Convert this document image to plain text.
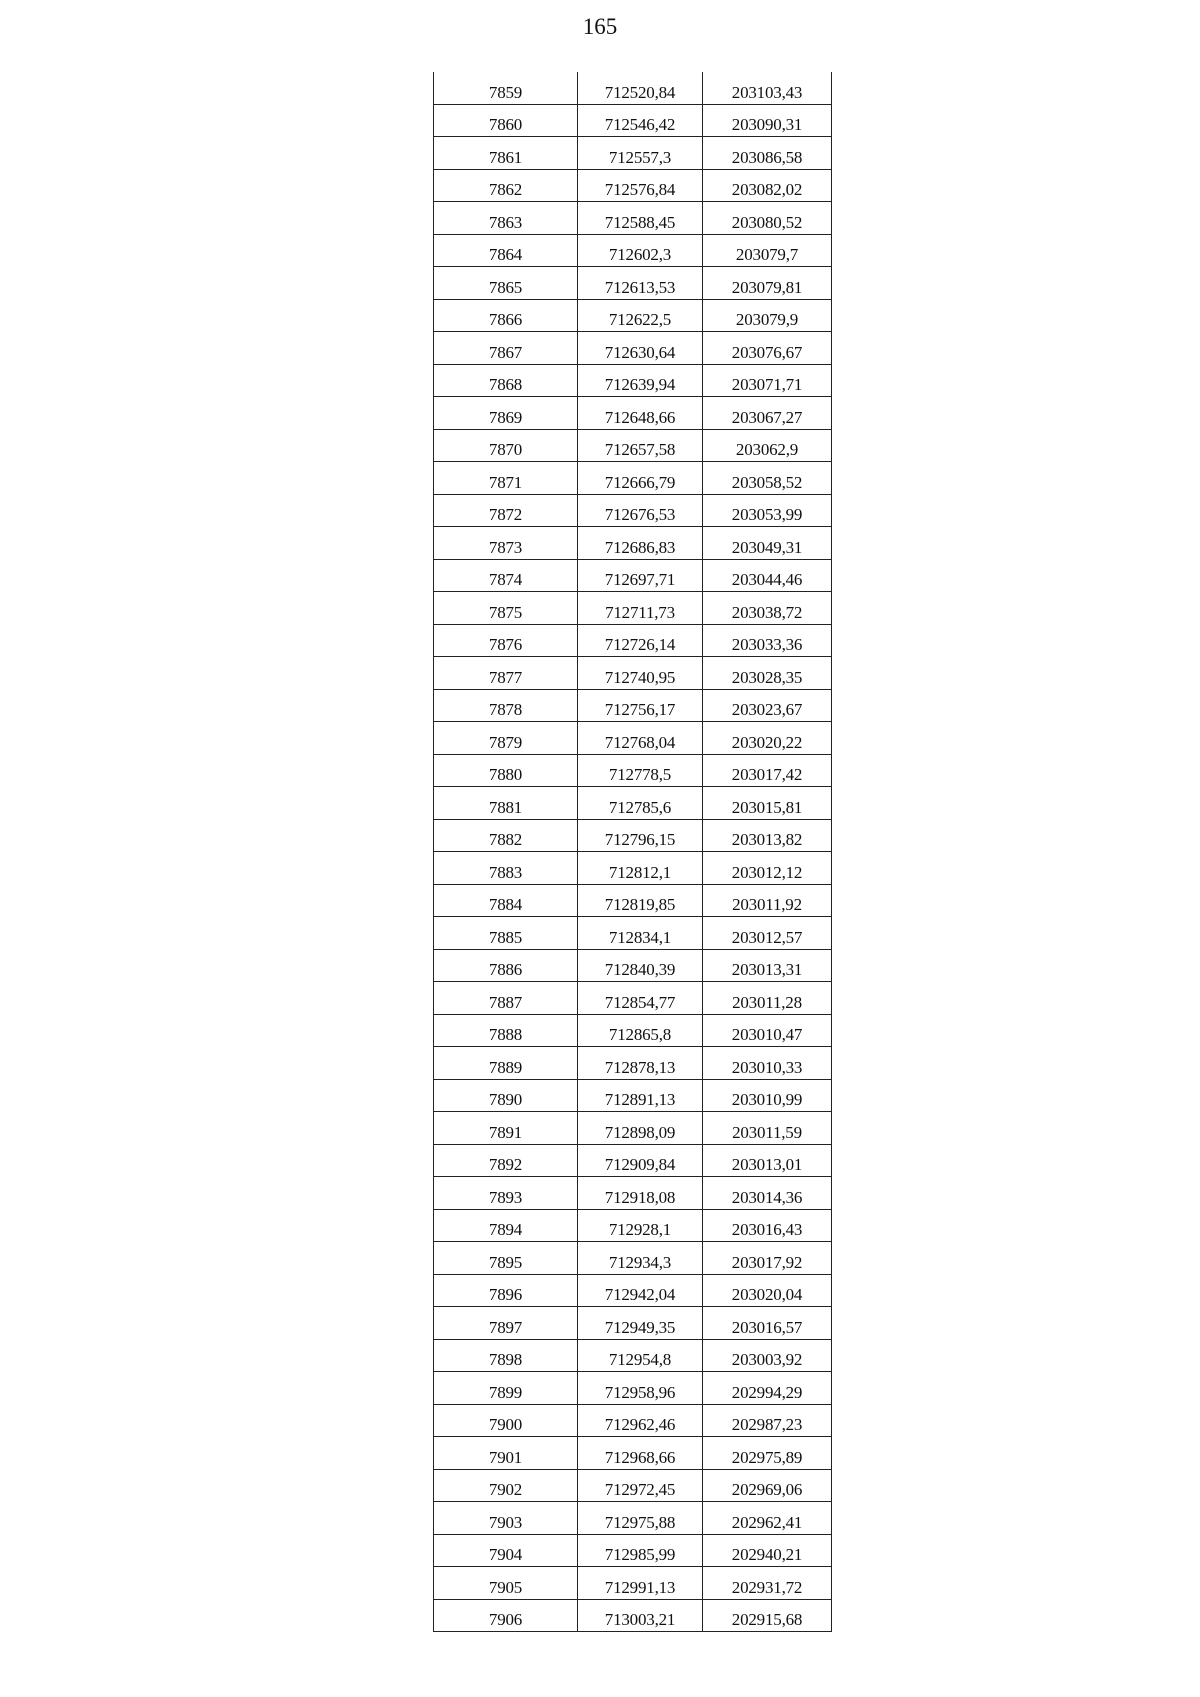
165
7859	712520,84	203103,43
7860	712546,42	203090,31
7861	712557,3	203086,58
7862	712576,84	203082,02
7863	712588,45	203080,52
7864	712602,3	203079,7
7865	712613,53	203079,81
7866	712622,5	203079,9
7867	712630,64	203076,67
7868	712639,94	203071,71
7869	712648,66	203067,27
7870	712657,58	203062,9
7871	712666,79	203058,52
7872	712676,53	203053,99
7873	712686,83	203049,31
7874	712697,71	203044,46
7875	712711,73	203038,72
7876	712726,14	203033,36
7877	712740,95	203028,35
7878	712756,17	203023,67
7879	712768,04	203020,22
7880	712778,5	203017,42
7881	712785,6	203015,81
7882	712796,15	203013,82
7883	712812,1	203012,12
7884	712819,85	203011,92
7885	712834,1	203012,57
7886	712840,39	203013,31
7887	712854,77	203011,28
7888	712865,8	203010,47
7889	712878,13	203010,33
7890	712891,13	203010,99
7891	712898,09	203011,59
7892	712909,84	203013,01
7893	712918,08	203014,36
7894	712928,1	203016,43
7895	712934,3	203017,92
7896	712942,04	203020,04
7897	712949,35	203016,57
7898	712954,8	203003,92
7899	712958,96	202994,29
7900	712962,46	202987,23
7901	712968,66	202975,89
7902	712972,45	202969,06
7903	712975,88	202962,41
7904	712985,99	202940,21
7905	712991,13	202931,72
7906	713003,21	202915,68
